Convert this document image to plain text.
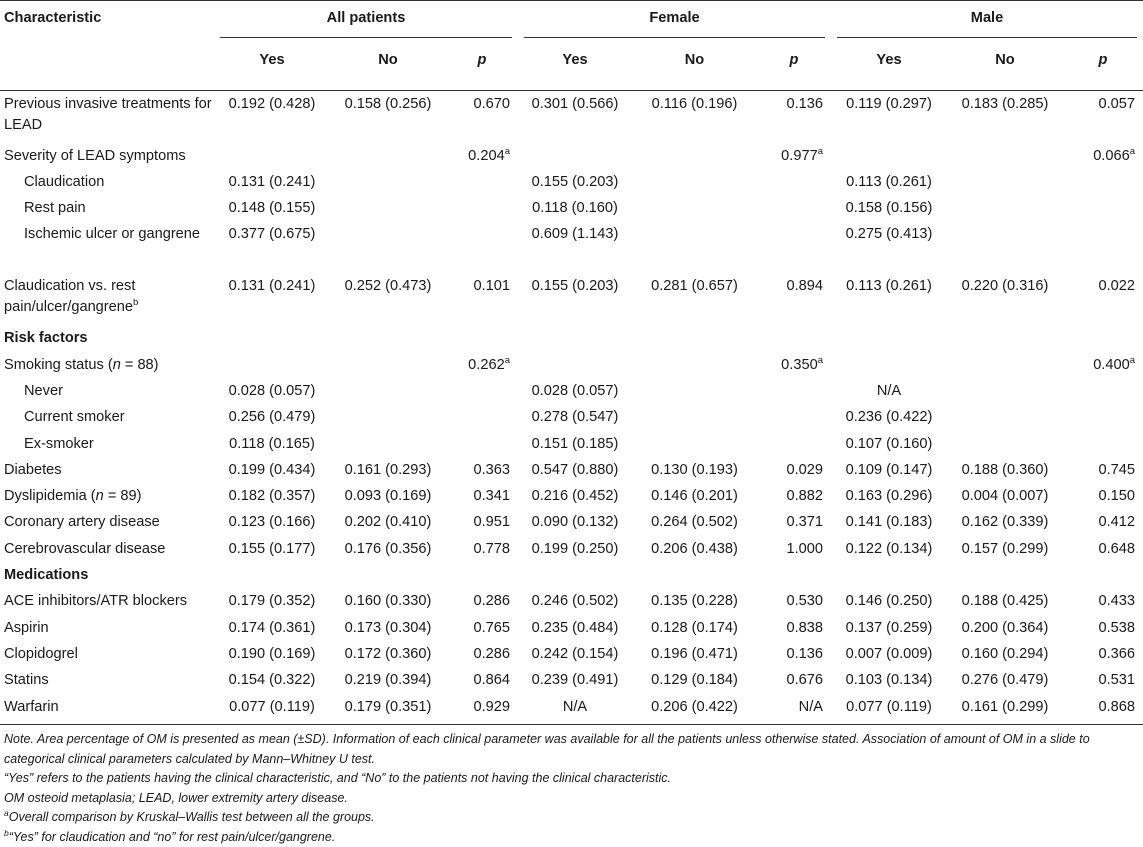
Characteristic	All patients			Female			Male		

	Yes	No	p	Yes	No	p	Yes	No	p
Previous invasive treatments for LEAD	0.192 (0.428)	0.158 (0.256)	0.670	0.301 (0.566)	0.116 (0.196)	0.136	0.119 (0.297)	0.183 (0.285)	0.057
Severity of LEAD symptoms			0.204$^a$			0.977$^a$			0.066$^a$
Claudication	0.131 (0.241)			0.155 (0.203)			0.113 (0.261)		
Rest pain	0.148 (0.155)			0.118 (0.160)			0.158 (0.156)		
Ischemic ulcer or gangrene	0.377 (0.675)			0.609 (1.143)			0.275 (0.413)		
Claudication vs. rest pain/ulcer/gangrene$^b$	0.131 (0.241)	0.252 (0.473)	0.101	0.155 (0.203)	0.281 (0.657)	0.894	0.113 (0.261)	0.220 (0.316)	0.022
Risk factors									
Smoking status (n = 88)			0.262$^a$			0.350$^a$			0.400$^a$
Never	0.028 (0.057)			0.028 (0.057)			N/A		
Current smoker	0.256 (0.479)			0.278 (0.547)			0.236 (0.422)		
Ex-smoker	0.118 (0.165)			0.151 (0.185)			0.107 (0.160)		
Diabetes	0.199 (0.434)	0.161 (0.293)	0.363	0.547 (0.880)	0.130 (0.193)	0.029	0.109 (0.147)	0.188 (0.360)	0.745
Dyslipidemia (n = 89)	0.182 (0.357)	0.093 (0.169)	0.341	0.216 (0.452)	0.146 (0.201)	0.882	0.163 (0.296)	0.004 (0.007)	0.150
Coronary artery disease	0.123 (0.166)	0.202 (0.410)	0.951	0.090 (0.132)	0.264 (0.502)	0.371	0.141 (0.183)	0.162 (0.339)	0.412
Cerebrovascular disease	0.155 (0.177)	0.176 (0.356)	0.778	0.199 (0.250)	0.206 (0.438)	1.000	0.122 (0.134)	0.157 (0.299)	0.648
Medications									
ACE inhibitors/ATR blockers	0.179 (0.352)	0.160 (0.330)	0.286	0.246 (0.502)	0.135 (0.228)	0.530	0.146 (0.250)	0.188 (0.425)	0.433
Aspirin	0.174 (0.361)	0.173 (0.304)	0.765	0.235 (0.484)	0.128 (0.174)	0.838	0.137 (0.259)	0.200 (0.364)	0.538
Clopidogrel	0.190 (0.169)	0.172 (0.360)	0.286	0.242 (0.154)	0.196 (0.471)	0.136	0.007 (0.009)	0.160 (0.294)	0.366
Statins	0.154 (0.322)	0.219 (0.394)	0.864	0.239 (0.491)	0.129 (0.184)	0.676	0.103 (0.134)	0.276 (0.479)	0.531
Warfarin	0.077 (0.119)	0.179 (0.351)	0.929	N/A	0.206 (0.422)	N/A	0.077 (0.119)	0.161 (0.299)	0.868

Note. Area percentage of OM is presented as mean (±SD). Information of each clinical parameter was available for all the patients unless otherwise stated. Association of amount of OM in a slide to categorical clinical parameters calculated by Mann–Whitney U test.

“Yes” refers to the patients having the clinical characteristic, and “No” to the patients not having the clinical characteristic.

OM osteoid metaplasia; LEAD, lower extremity artery disease.

$^a$Overall comparison by Kruskal–Wallis test between all the groups.

$^b$“Yes” for claudication and “no” for rest pain/ulcer/gangrene.
